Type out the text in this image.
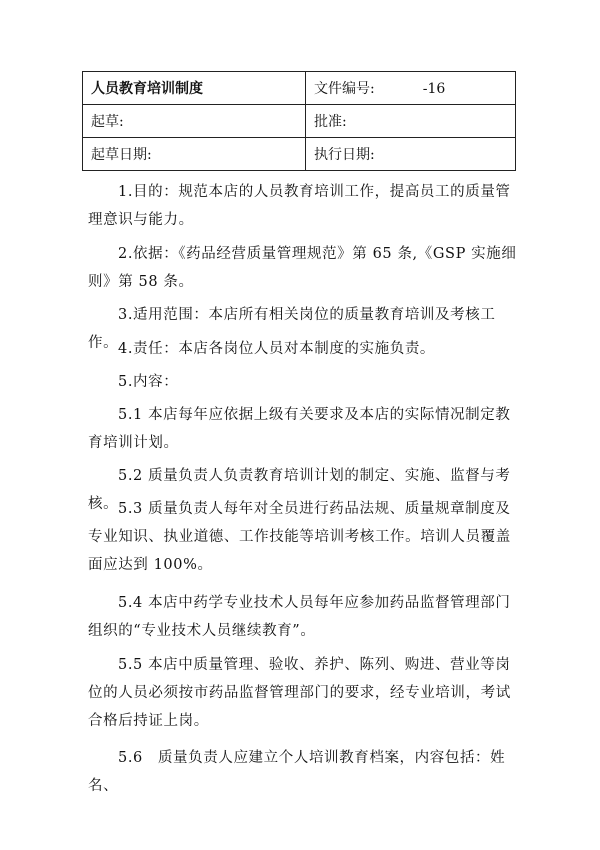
人员教育培训制度	文件编号: -16
起草:	批准:
起草日期:	执行日期:

1.目的：规范本店的人员教育培训工作，提高员工的质量管理意识与能力。

2.依据：《药品经营质量管理规范》第 65 条,《GSP 实施细则》第 58 条。

3.适用范围：本店所有相关岗位的质量教育培训及考核工作。 4.责任：本店各岗位人员对本制度的实施负责。

5.内容：

5.1 本店每年应依据上级有关要求及本店的实际情况制定教育培训计划。

5.2 质量负责人负责教育培训计划的制定、实施、监督与考核。 5.3 质量负责人每年对全员进行药品法规、质量规章制度及专业知识、执业道德、工作技能等培训考核工作。培训人员覆盖面应达到 100%。

5.4 本店中药学专业技术人员每年应参加药品监督管理部门组织的“专业技术人员继续教育”。

5.5 本店中质量管理、验收、养护、陈列、购进、营业等岗位的人员必须按市药品监督管理部门的要求，经专业培训，考试合格后持证上岗。

5.6　质量负责人应建立个人培训教育档案，内容包括：姓名、
